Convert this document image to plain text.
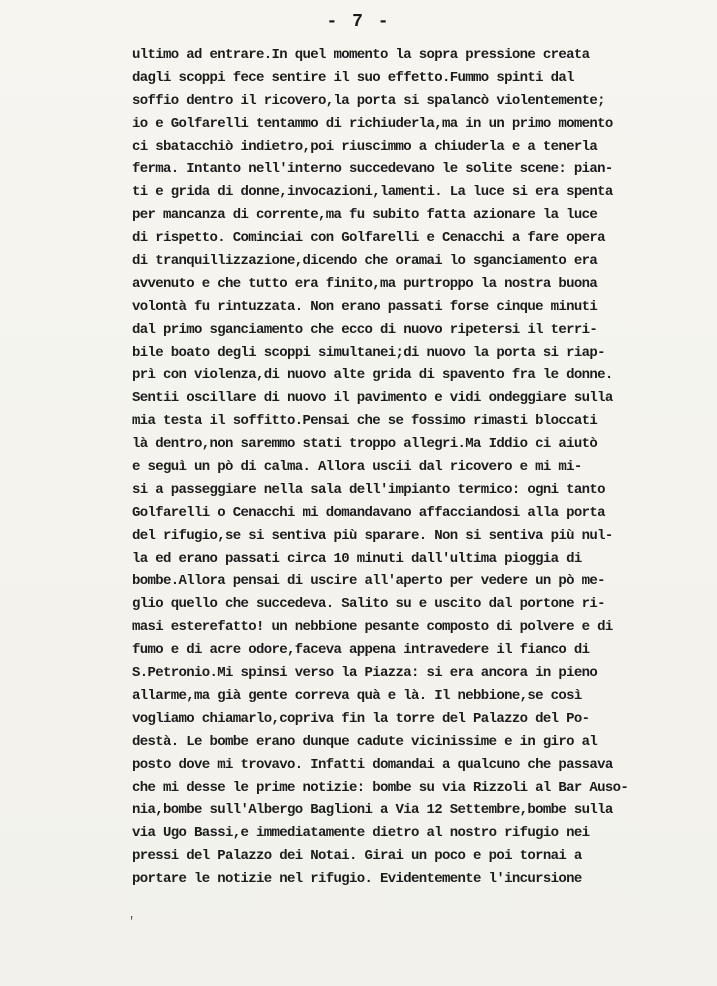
- 7 -
ultimo ad entrare.In quel momento la sopra pressione creata
dagli scoppi fece sentire il suo effetto.Fummo spinti dal
soffio dentro il ricovero,la porta si spalancò violentemente;
io e Golfarelli tentammo di richiuderla,ma in un primo momento
ci sbatacchiò indietro,poi riuscimmo a chiuderla e a tenerla
ferma. Intanto nell'interno succedevano le solite scene: pian-
ti e grida di donne,invocazioni,lamenti. La luce si era spenta
per mancanza di corrente,ma fu subito fatta azionare la luce
di rispetto. Cominciai con Golfarelli e Cenacchi a fare opera
di tranquillizzazione,dicendo che oramai lo sganciamento era
avvenuto e che tutto era finito,ma purtroppo la nostra buona
volontà fu rintuzzata. Non erano passati forse cinque minuti
dal primo sganciamento che ecco di nuovo ripetersi il terri-
bile boato degli scoppi simultanei;di nuovo la porta si riap-
prì con violenza,di nuovo alte grida di spavento fra le donne.
Sentii oscillare di nuovo il pavimento e vidi ondeggiare sulla
mia testa il soffitto.Pensai che se fossimo rimasti bloccati
là dentro,non saremmo stati troppo allegri.Ma Iddio ci aiutò
e seguì un pò di calma. Allora uscii dal ricovero e mi mi-
si a passeggiare nella sala dell'impianto termico: ogni tanto
Golfarelli o Cenacchi mi domandavano affacciandosi alla porta
del rifugio,se si sentiva più sparare. Non si sentiva più nul-
la ed erano passati circa 10 minuti dall'ultima pioggia di
bombe.Allora pensai di uscire all'aperto per vedere un pò me-
glio quello che succedeva. Salito su e uscito dal portone ri-
masi esterefatto! un nebbione pesante composto di polvere e di
fumo e di acre odore,faceva appena intravedere il fianco di
S.Petronio.Mi spinsi verso la Piazza: si era ancora in pieno
allarme,ma già gente correva quà e là. Il nebbione,se così
vogliamo chiamarlo,copriva fin la torre del Palazzo del Po-
destà. Le bombe erano dunque cadute vicinissime e in giro al
posto dove mi trovavo. Infatti domandai a qualcuno che passava
che mi desse le prime notizie: bombe su via Rizzoli al Bar Auso-
nia,bombe sull'Albergo Baglioni a Via 12 Settembre,bombe sulla
via Ugo Bassi,e immediatamente dietro al nostro rifugio nei
pressi del Palazzo dei Notai. Girai un poco e poi tornai a
portare le notizie nel rifugio. Evidentemente l'incursione
'
